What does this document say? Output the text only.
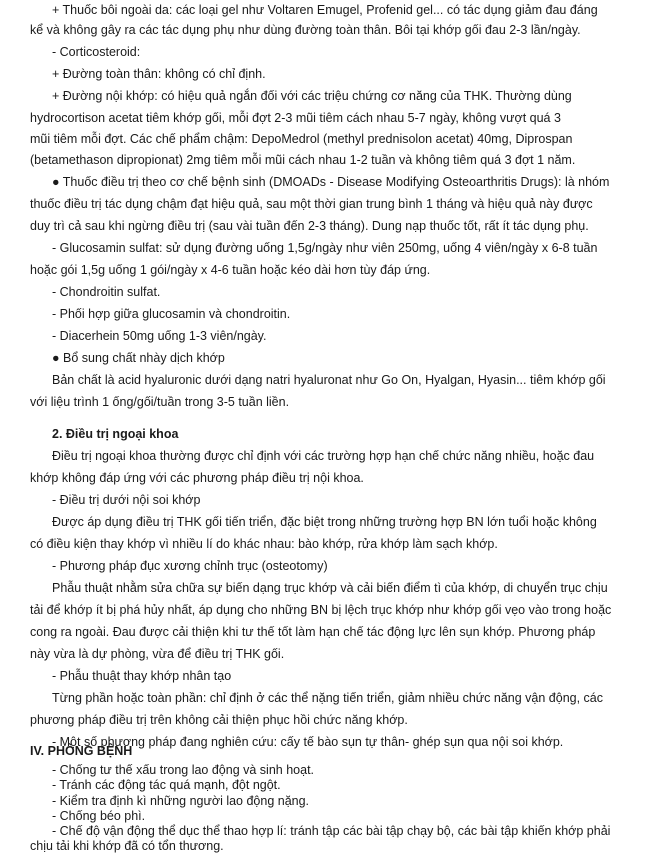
+ Thuốc bôi ngoài da: các loại gel như Voltaren Emugel, Profenid gel... có tác dụng giảm đau đáng
kể và không gây ra các tác dụng phụ như dùng đường toàn thân. Bôi tại khớp gối đau 2-3 lần/ngày.
- Corticosteroid:
+ Đường toàn thân: không có chỉ định.
+ Đường nội khớp: có hiệu quả ngắn đối với các triệu chứng cơ năng của THK. Thường dùng
hydrocortison acetat tiêm khớp gối, mỗi đợt 2-3 mũi tiêm cách nhau 5-7 ngày, không vượt quá 3
mũi tiêm mỗi đợt. Các chế phẩm chậm: DepoMedrol (methyl prednisolon acetat) 40mg, Diprospan
(betamethason dipropionat) 2mg tiêm mỗi mũi cách nhau 1-2 tuần và không tiêm quá 3 đợt 1 năm.
● Thuốc điều trị theo cơ chế bệnh sinh (DMOADs - Disease Modifying Osteoarthritis Drugs): là nhóm
thuốc điều trị tác dụng chậm đạt hiệu quả, sau một thời gian trung bình 1 tháng và hiệu quả này được
duy trì cả sau khi ngừng điều trị (sau vài tuần đến 2-3 tháng). Dung nạp thuốc tốt, rất ít tác dụng phụ.
- Glucosamin sulfat: sử dụng đường uống 1,5g/ngày như viên 250mg, uống 4 viên/ngày x 6-8 tuần
hoặc gói 1,5g uống 1 gói/ngày x 4-6 tuần hoặc kéo dài hơn tùy đáp ứng.
- Chondroitin sulfat.
- Phối hợp giữa glucosamin và chondroitin.
- Diacerhein 50mg uống 1-3 viên/ngày.
● Bổ sung chất nhày dịch khớp
Bản chất là acid hyaluronic dưới dạng natri hyaluronat như Go On, Hyalgan, Hyasin... tiêm khớp gối
với liệu trình 1 ống/gối/tuần trong 3-5 tuần liền.
2. Điều trị ngoại khoa
Điều trị ngoại khoa thường được chỉ định với các trường hợp hạn chế chức năng nhiều, hoặc đau
khớp không đáp ứng với các phương pháp điều trị nội khoa.
- Điều trị dưới nội soi khớp
Được áp dụng điều trị THK gối tiến triển, đặc biệt trong những trường hợp BN lớn tuổi hoặc không
có điều kiện thay khớp vì nhiều lí do khác nhau: bào khớp, rửa khớp làm sạch khớp.
- Phương pháp đục xương chỉnh trục (osteotomy)
Phẫu thuật nhằm sửa chữa sự biến dạng trục khớp và cải biến điểm tì của khớp, di chuyển trục chịu
tải để khớp ít bị phá hủy nhất, áp dụng cho những BN bị lệch trục khớp như khớp gối vẹo vào trong hoặc
cong ra ngoài. Đau được cải thiện khi tư thế tốt làm hạn chế tác động lực lên sụn khớp. Phương pháp
này vừa là dự phòng, vừa để điều trị THK gối.
- Phẫu thuật thay khớp nhân tạo
Từng phần hoặc toàn phần: chỉ định ở các thể nặng tiến triển, giảm nhiều chức năng vận động, các
phương pháp điều trị trên không cải thiện phục hồi chức năng khớp.
- Một số phương pháp đang nghiên cứu: cấy tế bào sụn tự thân- ghép sụn qua nội soi khớp.
IV. PHÒNG BỆNH
- Chống tư thế xấu trong lao động và sinh hoạt.
- Tránh các động tác quá mạnh, đột ngột.
- Kiểm tra định kì những người lao động nặng.
- Chống béo phì.
- Chế độ vận động thể dục thể thao hợp lí: tránh tập các bài tập chạy bộ, các bài tập khiến khớp phải
chịu tải khi khớp đã có tổn thương.
